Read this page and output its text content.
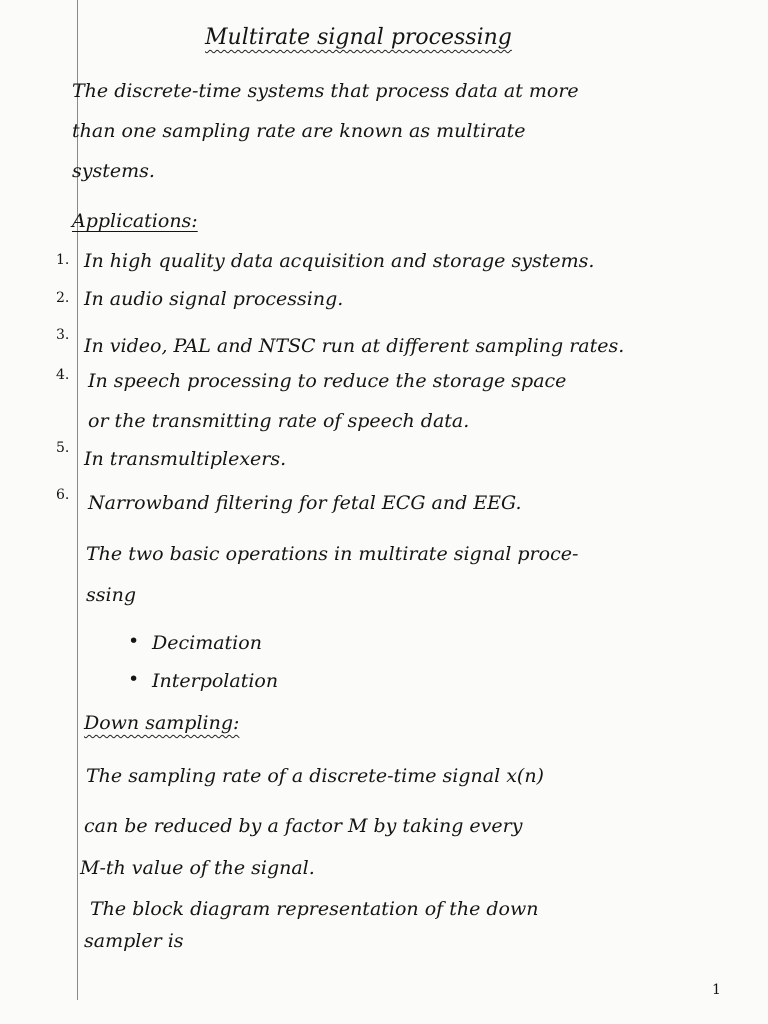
Multirate signal processing
The discrete-time systems that process data at more
than one sampling rate are known as multirate
systems.
Applications:
1. In high quality data acquisition and storage systems.
2. In audio signal processing.
3. In video, PAL and NTSC run at different sampling rates.
4. In speech processing to reduce the storage space
or the transmitting rate of speech data.
5. In transmultiplexers.
6. Narrowband filtering for fetal ECG and EEG.
The two basic operations in multirate signal proce-
ssing
• Decimation
• Interpolation
Down sampling:
The sampling rate of a discrete-time signal x(n)
can be reduced by a factor M by taking every
M-th value of the signal.
The block diagram representation of the down
sampler is
1
